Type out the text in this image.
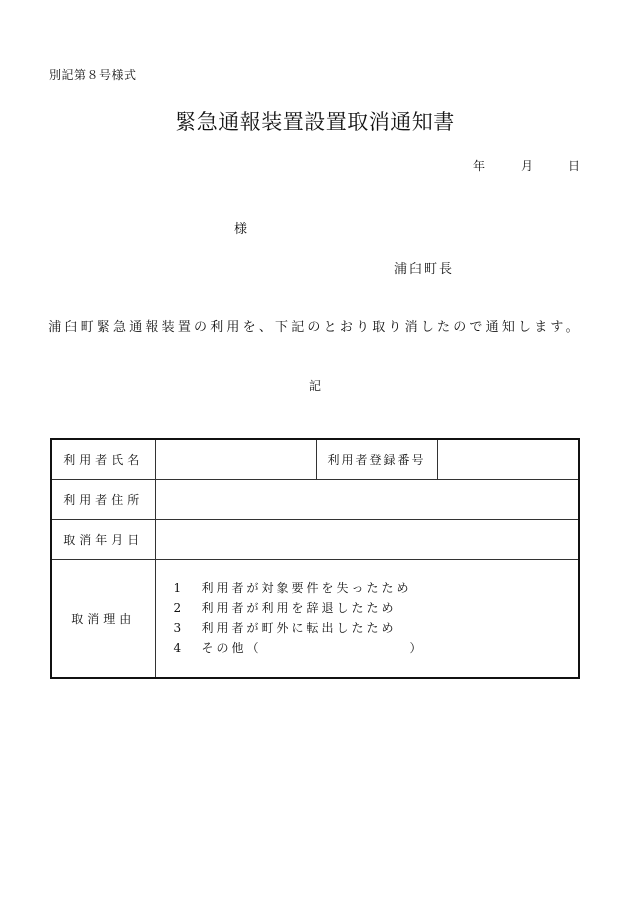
別記第８号様式
緊急通報装置設置取消通知書
年	月	日
様
浦臼町長
浦臼町緊急通報装置の利用を、下記のとおり取り消したので通知します。
記
利用者氏名		利用者登録番号	
利用者住所			
取消年月日			
取消理由	1 利用者が対象要件を失ったため
2 利用者が利用を辞退したため
3 利用者が町外に転出したため
4 その他（ ）		
